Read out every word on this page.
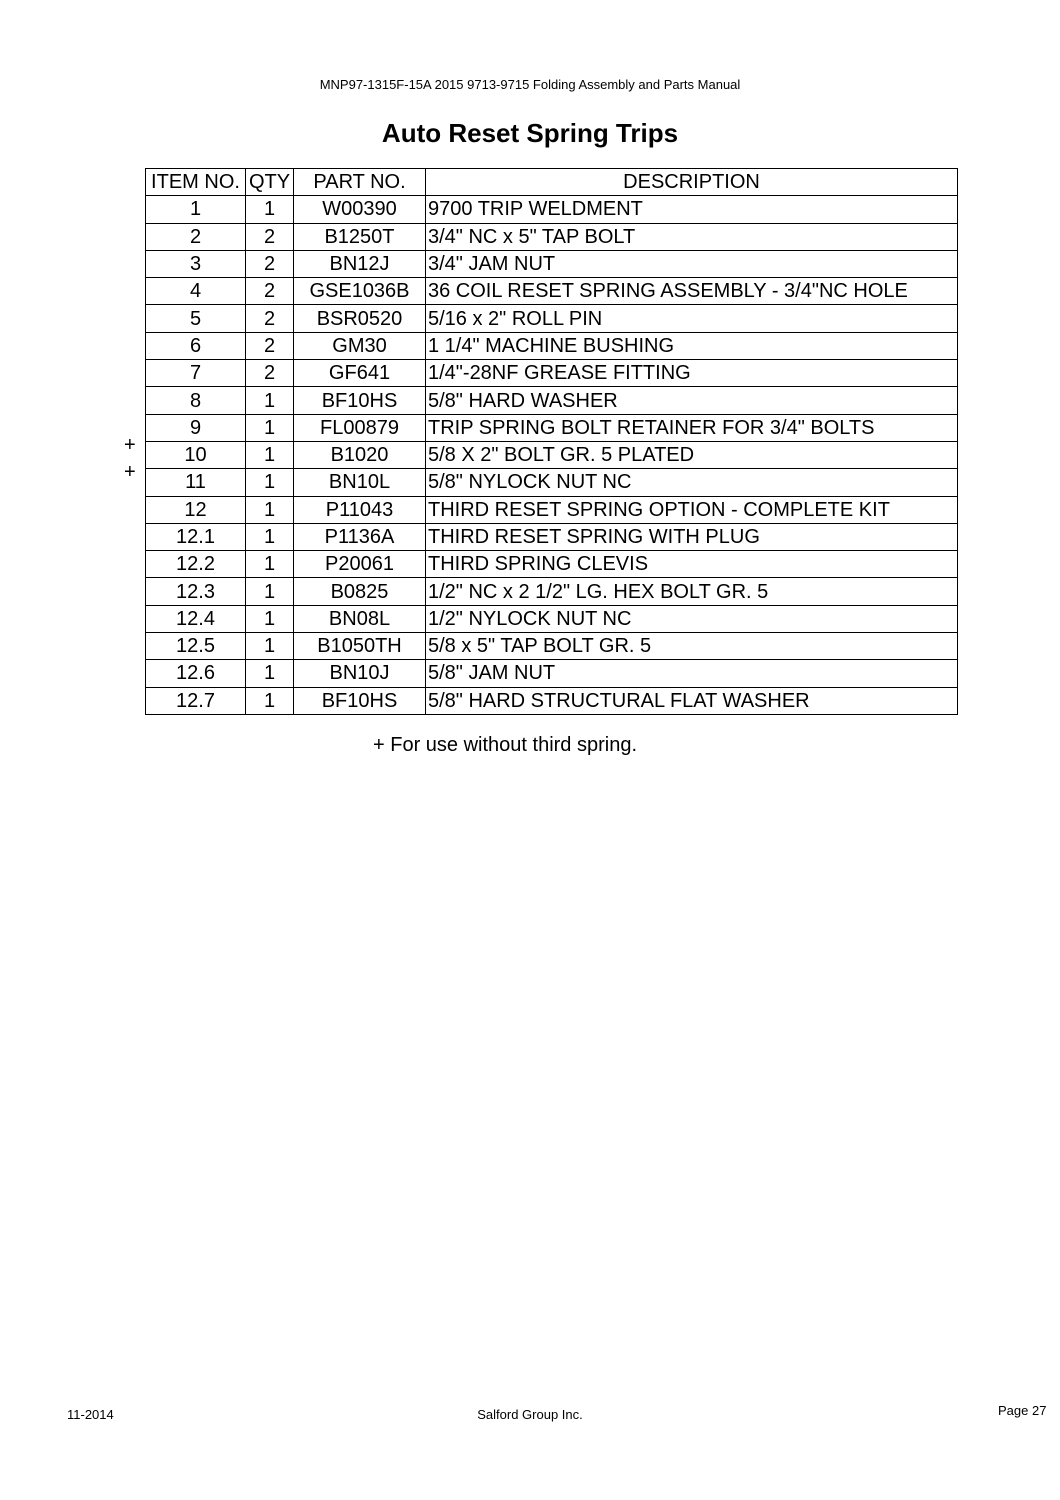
MNP97-1315F-15A 2015 9713-9715 Folding Assembly and Parts Manual
Auto Reset Spring Trips
ITEM NO.	QTY	PART NO.	DESCRIPTION
1	1	W00390	9700 TRIP WELDMENT
2	2	B1250T	3/4" NC x 5" TAP BOLT
3	2	BN12J	3/4" JAM NUT
4	2	GSE1036B	36 COIL RESET SPRING ASSEMBLY - 3/4"NC HOLE
5	2	BSR0520	5/16 x 2" ROLL PIN
6	2	GM30	1 1/4" MACHINE BUSHING
7	2	GF641	1/4"-28NF GREASE FITTING
8	1	BF10HS	5/8" HARD WASHER
9	1	FL00879	TRIP SPRING BOLT RETAINER FOR 3/4" BOLTS
10	1	B1020	5/8 X 2" BOLT GR. 5 PLATED
11	1	BN10L	5/8" NYLOCK NUT NC
12	1	P11043	THIRD RESET SPRING OPTION - COMPLETE KIT
12.1	1	P1136A	THIRD RESET SPRING WITH PLUG
12.2	1	P20061	THIRD SPRING CLEVIS
12.3	1	B0825	1/2" NC x 2 1/2" LG. HEX BOLT GR. 5
12.4	1	BN08L	1/2" NYLOCK NUT NC
12.5	1	B1050TH	5/8 x 5" TAP BOLT GR. 5
12.6	1	BN10J	5/8" JAM NUT
12.7	1	BF10HS	5/8" HARD STRUCTURAL FLAT WASHER
+
+
+ For use without third spring.
11-2014	Salford Group Inc.	Page 27
